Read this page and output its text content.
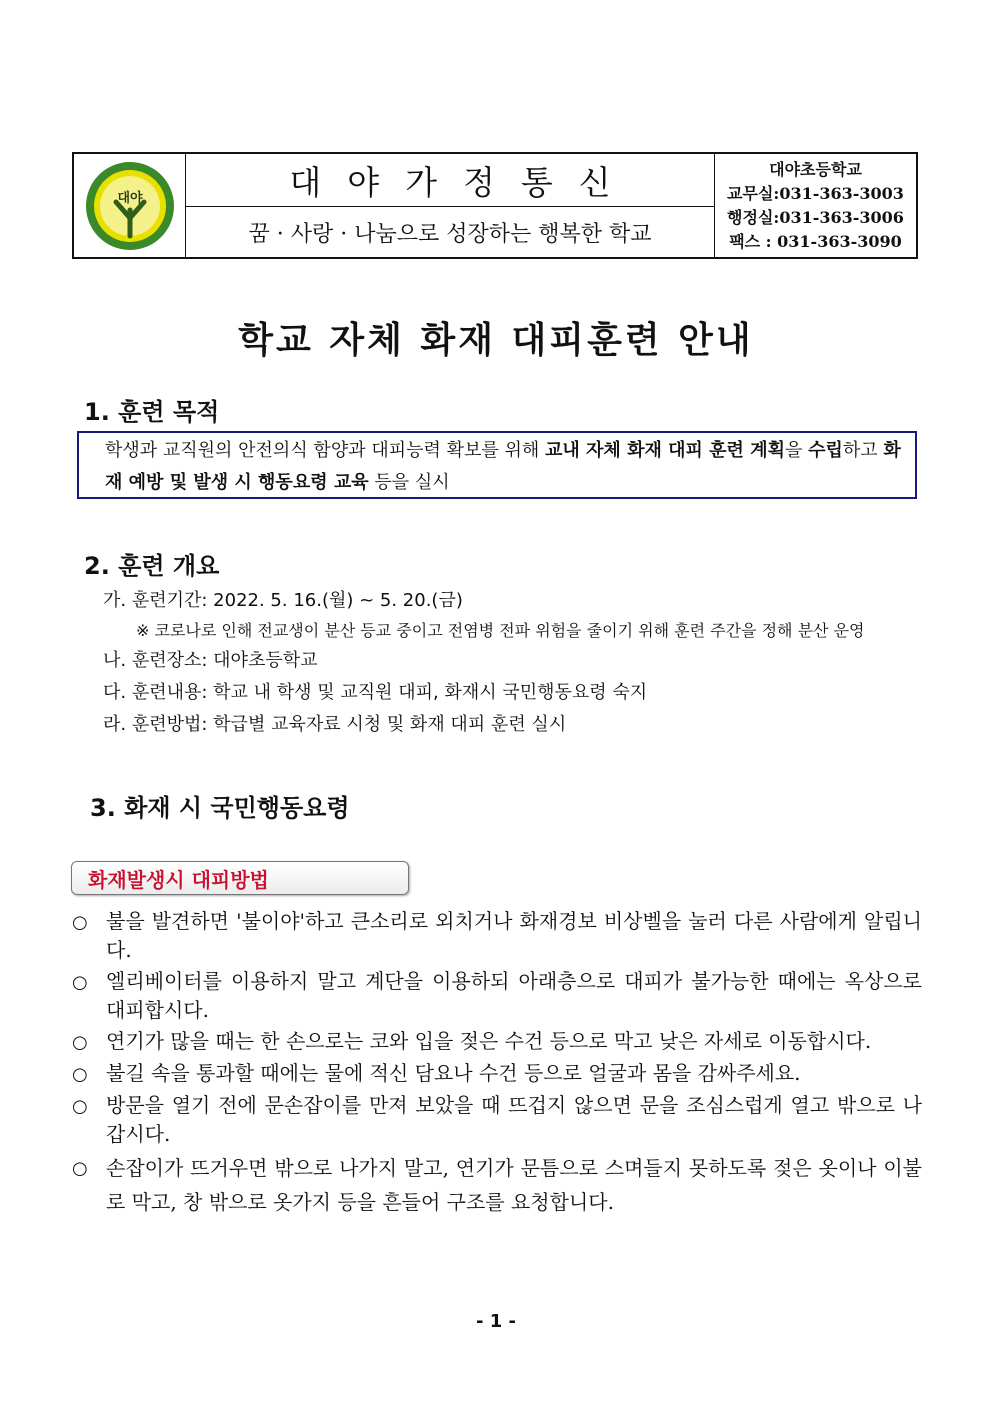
대야	대야가정통신
꿈 · 사랑 · 나눔으로 성장하는 행복한 학교
대야초등학교
교무실:031-363-3003
행정실:031-363-3006
팩스 : 031-363-3090
학교 자체 화재 대피훈련 안내
1. 훈련 목적
학생과 교직원의 안전의식 함양과 대피능력 확보를 위해 교내 자체 화재 대피 훈련 계획을 수립하고 화재 예방 및 발생 시 행동요령 교육 등을 실시
2. 훈련 개요
가. 훈련기간: 2022. 5. 16.(월) ~ 5. 20.(금)
※ 코로나로 인해 전교생이 분산 등교 중이고 전염병 전파 위험을 줄이기 위해 훈련 주간을 정해 분산 운영
나. 훈련장소: 대야초등학교
다. 훈련내용: 학교 내 학생 및 교직원 대피, 화재시 국민행동요령 숙지
라. 훈련방법: 학급별 교육자료 시청 및 화재 대피 훈련 실시
3. 화재 시 국민행동요령
화재발생시 대피방법
○ 불을 발견하면 '불이야'하고 큰소리로 외치거나 화재경보 비상벨을 눌러 다른 사람에게 알립니다.
○ 엘리베이터를 이용하지 말고 계단을 이용하되 아래층으로 대피가 불가능한 때에는 옥상으로 대피합시다.
○ 연기가 많을 때는 한 손으로는 코와 입을 젖은 수건 등으로 막고 낮은 자세로 이동합시다.
○ 불길 속을 통과할 때에는 물에 적신 담요나 수건 등으로 얼굴과 몸을 감싸주세요.
○ 방문을 열기 전에 문손잡이를 만져 보았을 때 뜨겁지 않으면 문을 조심스럽게 열고 밖으로 나갑시다.
○ 손잡이가 뜨거우면 밖으로 나가지 말고, 연기가 문틈으로 스며들지 못하도록 젖은 옷이나 이불로 막고, 창 밖으로 옷가지 등을 흔들어 구조를 요청합니다.
- 1 -
